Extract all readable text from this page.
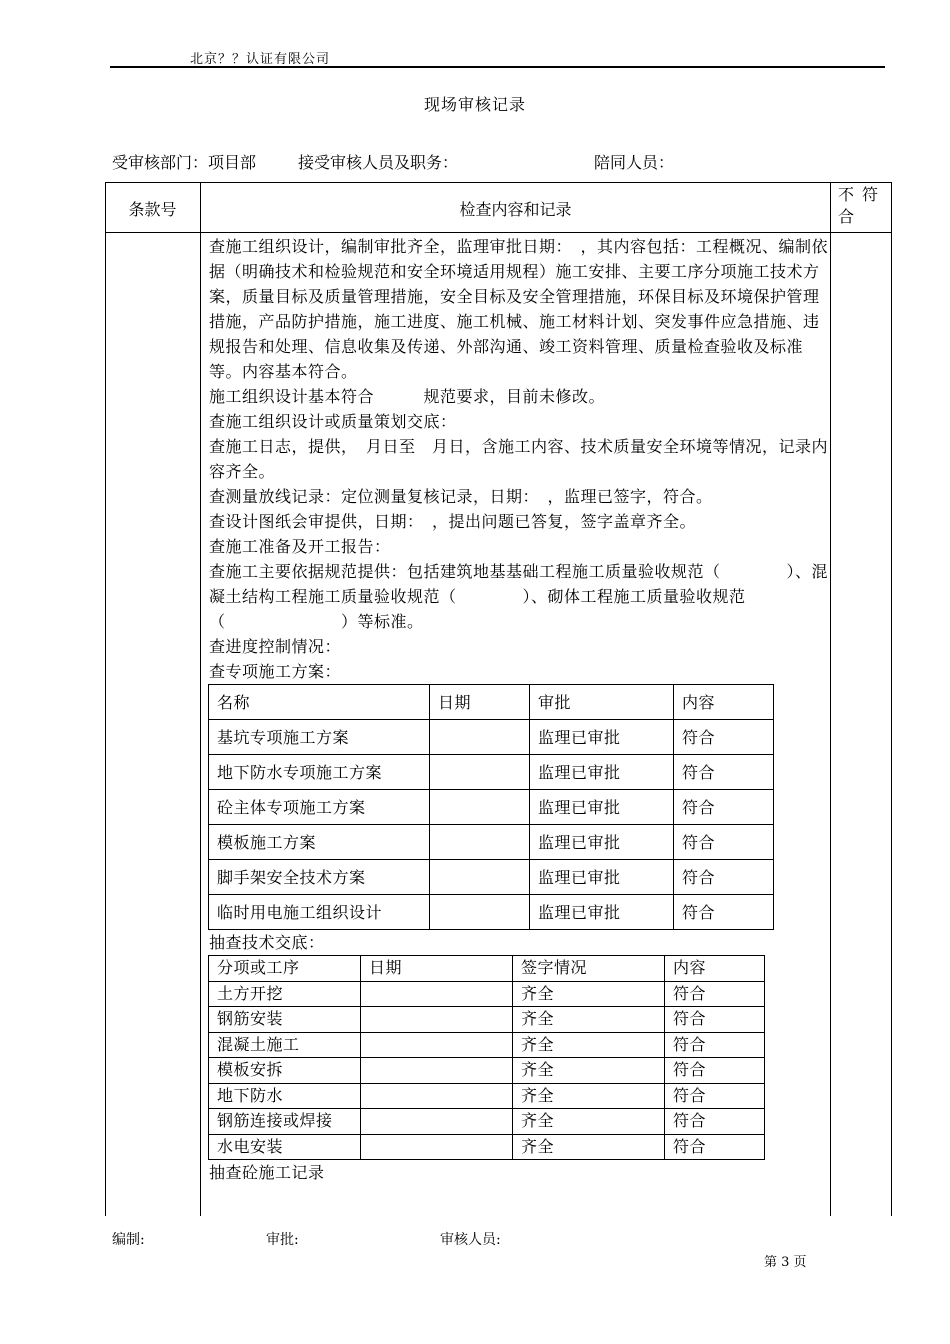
北京？？认证有限公司
现场审核记录
受审核部门：项目部	接受审核人员及职务：	陪同人员：
条款号	检查内容和记录
不符合

查施工组织设计，编制审批齐全，监理审批日期：　，其内容包括：工程概况、编制依据（明确技术和检验规范和安全环境适用规程）施工安排、主要工序分项施工技术方案，质量目标及质量管理措施，安全目标及安全管理措施，环保目标及环境保护管理措施，产品防护措施，施工进度、施工机械、施工材料计划、突发事件应急措施、违规报告和处理、信息收集及传递、外部沟通、竣工资料管理、质量检查验收及标准等。内容基本符合。

施工组织设计基本符合　　　规范要求，目前未修改。

查施工组织设计或质量策划交底：

查施工日志，提供，　月日至　月日，含施工内容、技术质量安全环境等情况，记录内容齐全。

查测量放线记录：定位测量复核记录，日期：　，监理已签字，符合。

查设计图纸会审提供，日期：　，提出问题已答复，签字盖章齐全。

查施工准备及开工报告：

查施工主要依据规范提供：包括建筑地基基础工程施工质量验收规范（　　　　）、混凝土结构工程施工质量验收规范（　　　　）、砌体工程施工质量验收规范（　　　　　　　）等标准。

查进度控制情况：

查专项施工方案：

名称	日期	审批	内容
基坑专项施工方案		监理已审批	符合
地下防水专项施工方案		监理已审批	符合
砼主体专项施工方案		监理已审批	符合
模板施工方案		监理已审批	符合
脚手架安全技术方案		监理已审批	符合
临时用电施工组织设计		监理已审批	符合

抽查技术交底：

分项或工序	日期	签字情况	内容
土方开挖		齐全	符合
钢筋安装		齐全	符合
混凝土施工		齐全	符合
模板安拆		齐全	符合
地下防水		齐全	符合
钢筋连接或焊接		齐全	符合
水电安装		齐全	符合

抽查砼施工记录

编制:	审批:	审核人员:
第 3 页
